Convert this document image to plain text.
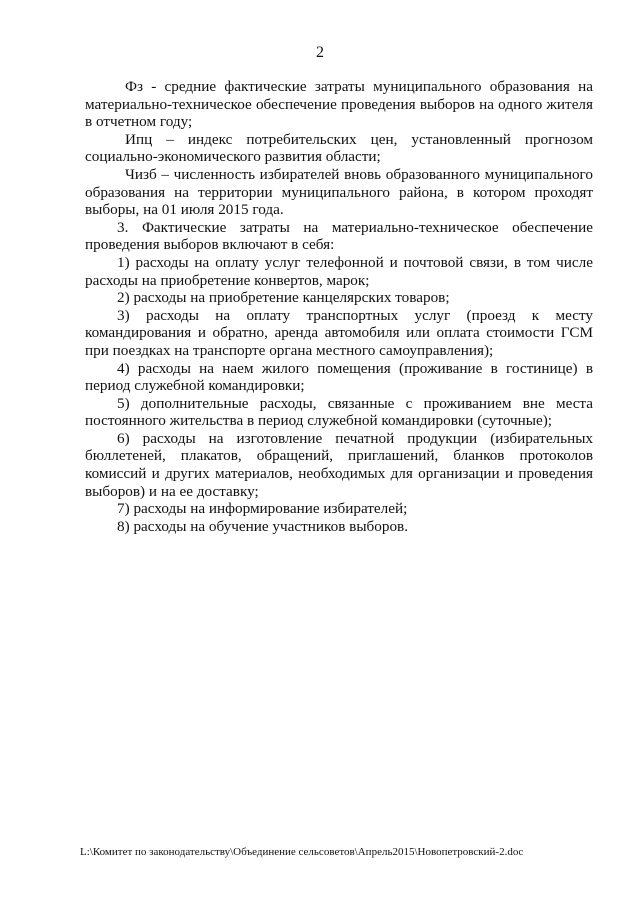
2

Фз - средние фактические затраты муниципального образования на материально-техническое обеспечение проведения выборов на одного жителя в отчетном году;

Ипц – индекс потребительских цен, установленный прогнозом социально-экономического развития области;

Чизб – численность избирателей вновь образованного муниципального образования на территории муниципального района, в котором проходят выборы, на 01 июля 2015 года.

3. Фактические затраты на материально-техническое обеспечение проведения выборов включают в себя:

1) расходы на оплату услуг телефонной и почтовой связи, в том числе расходы на приобретение конвертов, марок;

2) расходы на приобретение канцелярских товаров;

3) расходы на оплату транспортных услуг (проезд к месту командирования и обратно, аренда автомобиля или оплата стоимости ГСМ при поездках на транспорте органа местного самоуправления);

4) расходы на наем жилого помещения (проживание в гостинице) в период служебной командировки;

5) дополнительные расходы, связанные с проживанием вне места постоянного жительства в период служебной командировки (суточные);

6) расходы на изготовление печатной продукции (избирательных бюллетеней, плакатов, обращений, приглашений, бланков протоколов комиссий и других материалов, необходимых для организации и проведения выборов) и на ее доставку;

7) расходы на информирование избирателей;

8) расходы на обучение участников выборов.

L:\Комитет по законодательству\Объединение сельсоветов\Апрель2015\Новопетровский-2.doc
